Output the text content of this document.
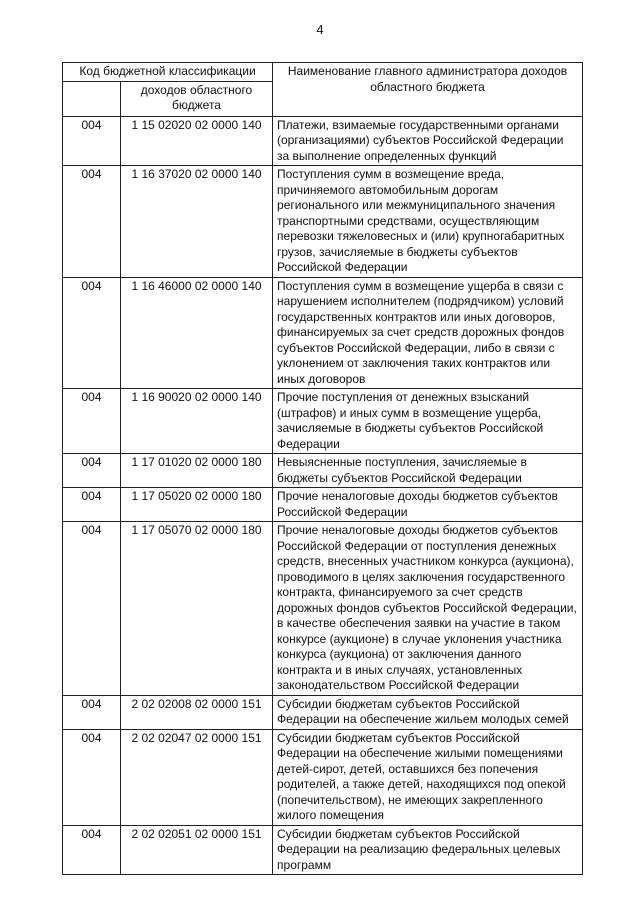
4
Код бюджетной классификации		Наименование главного администратора доходов областного бюджета
	доходов областного бюджета	
004	1 15 02020 02 0000 140	Платежи, взимаемые государственными органами (организациями) субъектов Российской Федерации за выполнение определенных функций
004	1 16 37020 02 0000 140	Поступления сумм в возмещение вреда, причиняемого автомобильным дорогам регионального или межмуниципального значения транспортными средствами, осуществляющим перевозки тяжеловесных и (или) крупногабаритных грузов, зачисляемые в бюджеты субъектов Российской Федерации
004	1 16 46000 02 0000 140	Поступления сумм в возмещение ущерба в связи с нарушением исполнителем (подрядчиком) условий государственных контрактов или иных договоров, финансируемых за счет средств дорожных фондов субъектов Российской Федерации, либо в связи с уклонением от заключения таких контрактов или иных договоров
004	1 16 90020 02 0000 140	Прочие поступления от денежных взысканий (штрафов) и иных сумм в возмещение ущерба, зачисляемые в бюджеты субъектов Российской Федерации
004	1 17 01020 02 0000 180	Невыясненные поступления, зачисляемые в бюджеты субъектов Российской Федерации
004	1 17 05020 02 0000 180	Прочие неналоговые доходы бюджетов субъектов Российской Федерации
004	1 17 05070 02 0000 180	Прочие неналоговые доходы бюджетов субъектов Российской Федерации от поступления денежных средств, внесенных участником конкурса (аукциона), проводимого в целях заключения государственного контракта, финансируемого за счет средств дорожных фондов субъектов Российской Федерации, в качестве обеспечения заявки на участие в таком конкурсе (аукционе) в случае уклонения участника конкурса (аукциона) от заключения данного контракта и в иных случаях, установленных законодательством Российской Федерации
004	2 02 02008 02 0000 151	Субсидии бюджетам субъектов Российской Федерации на обеспечение жильем молодых семей
004	2 02 02047 02 0000 151	Субсидии бюджетам субъектов Российской Федерации на обеспечение жилыми помещениями детей-сирот, детей, оставшихся без попечения родителей, а также детей, находящихся под опекой (попечительством), не имеющих закрепленного жилого помещения
004	2 02 02051 02 0000 151	Субсидии бюджетам субъектов Российской Федерации на реализацию федеральных целевых программ
